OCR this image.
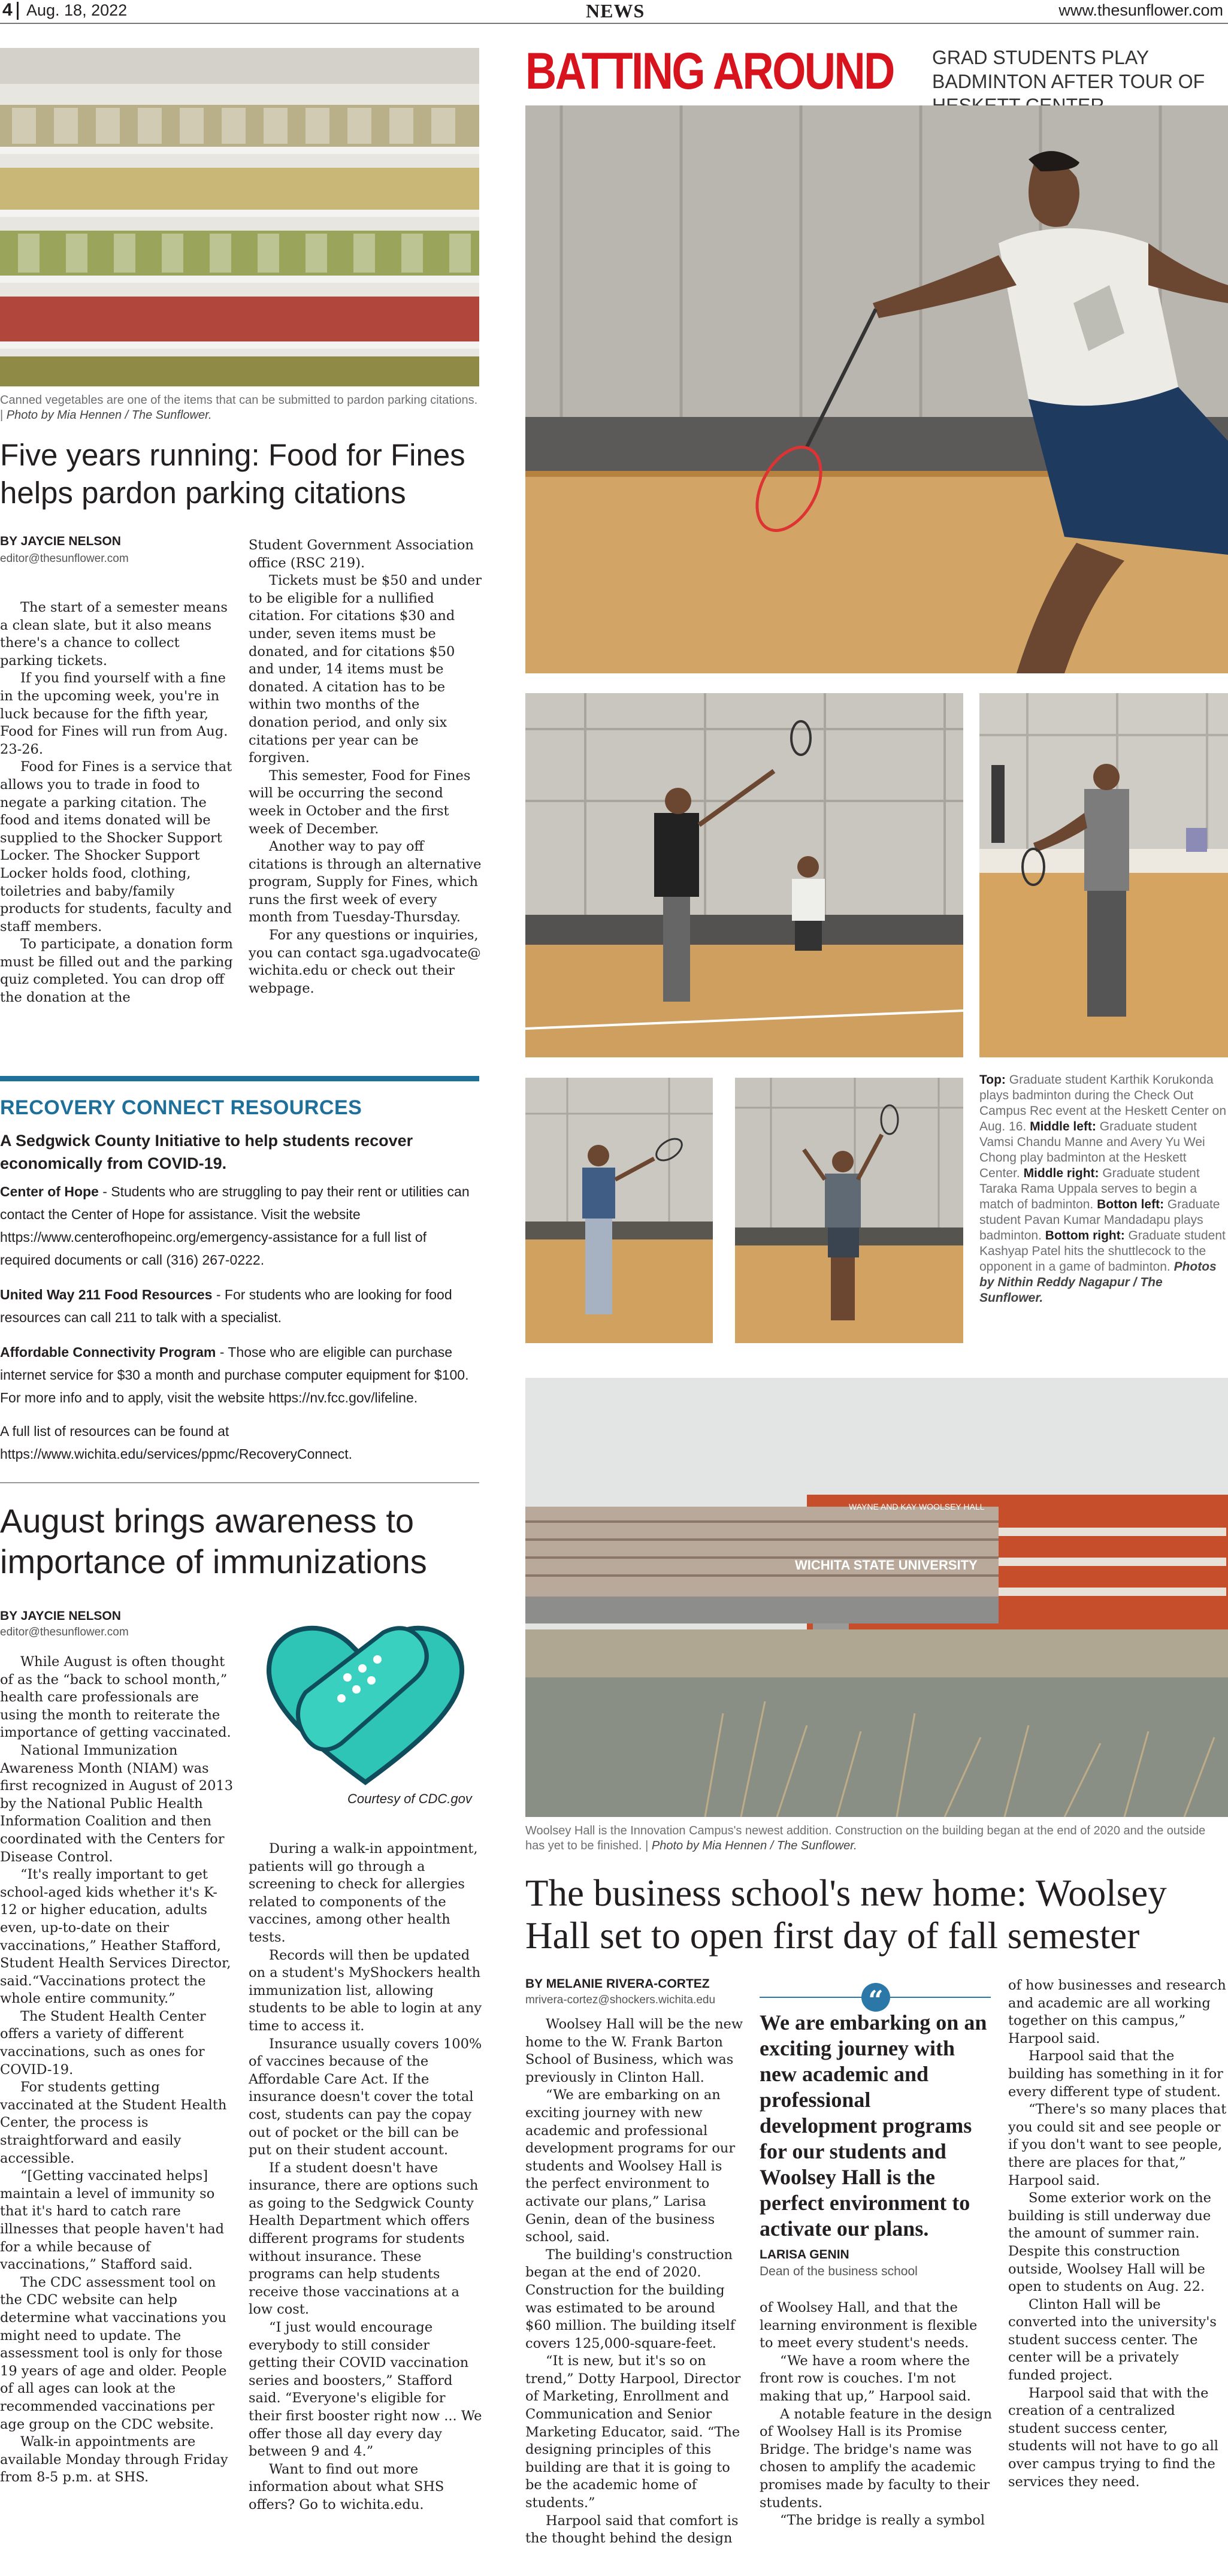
4 Aug. 18, 2022	NEWS	www.thesunflower.com
Canned vegetables are one of the items that can be submitted to pardon parking citations. | Photo by Mia Hennen / The Sunflower.
Five years running: Food for Fines helps pardon parking citations
BY JAYCIE NELSON
editor@thesunflower.com

The start of a semester means a clean slate, but it also means there's a chance to collect parking tickets.

If you find yourself with a fine in the upcoming week, you're in luck because for the fifth year, Food for Fines will run from Aug. 23-26.

Food for Fines is a service that allows you to trade in food to negate a parking citation. The food and items donated will be supplied to the Shocker Support Locker. The Shocker Support Locker holds food, clothing, toiletries and baby/family products for students, faculty and staff members.

To participate, a donation form must be filled out and the parking quiz completed. You can drop off the donation at the

Student Government Association office (RSC 219).

Tickets must be $50 and under to be eligible for a nullified citation. For citations $30 and under, seven items must be donated, and for citations $50 and under, 14 items must be donated. A citation has to be within two months of the donation period, and only six citations per year can be forgiven.

This semester, Food for Fines will be occurring the second week in October and the first week of December.

Another way to pay off citations is through an alternative program, Supply for Fines, which runs the first week of every month from Tuesday-Thursday.

For any questions or inquiries, you can contact sga.ugadvocate@ wichita.edu or check out their webpage.

RECOVERY CONNECT RESOURCES
A Sedgwick County Initiative to help students recover economically from COVID-19.
Center of Hope - Students who are struggling to pay their rent or utilities can contact the Center of Hope for assistance. Visit the website https://www.centerofhopeinc.org/emergency-assistance for a full list of required documents or call (316) 267-0222.
United Way 211 Food Resources - For students who are looking for food resources can call 211 to talk with a specialist.
Affordable Connectivity Program - Those who are eligible can purchase internet service for $30 a month and purchase computer equipment for $100. For more info and to apply, visit the website https://nv.fcc.gov/lifeline.
A full list of resources can be found at https://www.wichita.edu/services/ppmc/RecoveryConnect.
August brings awareness to importance of immunizations
BY JAYCIE NELSON
editor@thesunflower.com
Courtesy of CDC.gov

While August is often thought of as the “back to school month,” health care professionals are using the month to reiterate the importance of getting vaccinated.

National Immunization Awareness Month (NIAM) was first recognized in August of 2013 by the National Public Health Information Coalition and then coordinated with the Centers for Disease Control.

“It's really important to get school-aged kids whether it's K-12 or higher education, adults even, up-to-date on their vaccinations,” Heather Stafford, Student Health Services Director, said.“Vaccinations protect the whole entire community.”

The Student Health Center offers a variety of different vaccinations, such as ones for COVID-19.

For students getting vaccinated at the Student Health Center, the process is straightforward and easily accessible.

“[Getting vaccinated helps] maintain a level of immunity so that it's hard to catch rare illnesses that people haven't had for a while because of vaccinations,” Stafford said.

The CDC assessment tool on the CDC website can help determine what vaccinations you might need to update. The assessment tool is only for those 19 years of age and older. People of all ages can look at the recommended vaccinations per age group on the CDC website.

Walk-in appointments are available Monday through Friday from 8-5 p.m. at SHS.

During a walk-in appointment, patients will go through a screening to check for allergies related to components of the vaccines, among other health tests.

Records will then be updated on a student's MyShockers health immunization list, allowing students to be able to login at any time to access it.

Insurance usually covers 100% of vaccines because of the Affordable Care Act. If the insurance doesn't cover the total cost, students can pay the copay out of pocket or the bill can be put on their student account.

If a student doesn't have insurance, there are options such as going to the Sedgwick County Health Department which offers different programs for students without insurance. These programs can help students receive those vaccinations at a low cost.

“I just would encourage everybody to still consider getting their COVID vaccination series and boosters,” Stafford said. “Everyone's eligible for their first booster right now ... We offer those all day every day between 9 and 4.”

Want to find out more information about what SHS offers? Go to wichita.edu.

BATTING AROUND GRAD STUDENTS PLAY BADMINTON AFTER TOUR OF
Top: Graduate student Karthik Korukonda plays badminton during the Check Out Campus Rec event at the Heskett Center on Aug. 16. Middle left: Graduate student Vamsi Chandu Manne and Avery Yu Wei Chong play badminton at the Heskett Center. Middle right: Graduate student Taraka Rama Uppala serves to begin a match of badminton. Botton left: Graduate student Pavan Kumar Mandadapu plays badminton. Bottom right: Graduate student Kashyap Patel hits the shuttlecock to the opponent in a game of badminton. Photos by Nithin Reddy Nagapur / The Sunflower.
WAYNE AND KAY WOOLSEY HALL
WICHITA STATE UNIVERSITY
Woolsey Hall is the Innovation Campus's newest addition. Construction on the building began at the end of 2020 and the outside has yet to be finished. | Photo by Mia Hennen / The Sunflower.
The business school's new home: Woolsey Hall set to open first day of fall semester
BY MELANIE RIVERA-CORTEZ
mrivera-cortez@shockers.wichita.edu

Woolsey Hall will be the new home to the W. Frank Barton School of Business, which was previously in Clinton Hall.

“We are embarking on an exciting journey with new academic and professional development programs for our students and Woolsey Hall is the perfect environment to activate our plans,” Larisa Genin, dean of the business school, said.

The building's construction began at the end of 2020. Construction for the building was estimated to be around $60 million. The building itself covers 125,000-square-feet.

“It is new, but it's so on trend,” Dotty Harpool, Director of Marketing, Enrollment and Communication and Senior Marketing Educator, said. “The designing principles of this building are that it is going to be the academic home of students.”

Harpool said that comfort is the thought behind the design

“
We are embarking on an exciting journey with new academic and professional development programs for our students and Woolsey Hall is the perfect environment to activate our plans.
LARISA GENIN
Dean of the business school

of Woolsey Hall, and that the learning environment is flexible to meet every student's needs.

“We have a room where the front row is couches. I'm not making that up,” Harpool said.

A notable feature in the design of Woolsey Hall is its Promise Bridge. The bridge's name was chosen to amplify the academic promises made by faculty to their students.

“The bridge is really a symbol

of how businesses and research and academic are all working together on this campus,” Harpool said.

Harpool said that the building has something in it for every different type of student.

“There's so many places that you could sit and see people or if you don't want to see people, there are places for that,” Harpool said.

Some exterior work on the building is still underway due the amount of summer rain. Despite this construction outside, Woolsey Hall will be open to students on Aug. 22.

Clinton Hall will be converted into the university's student success center. The center will be a privately funded project.

Harpool said that with the creation of a centralized student success center, students will not have to go all over campus trying to find the services they need.
